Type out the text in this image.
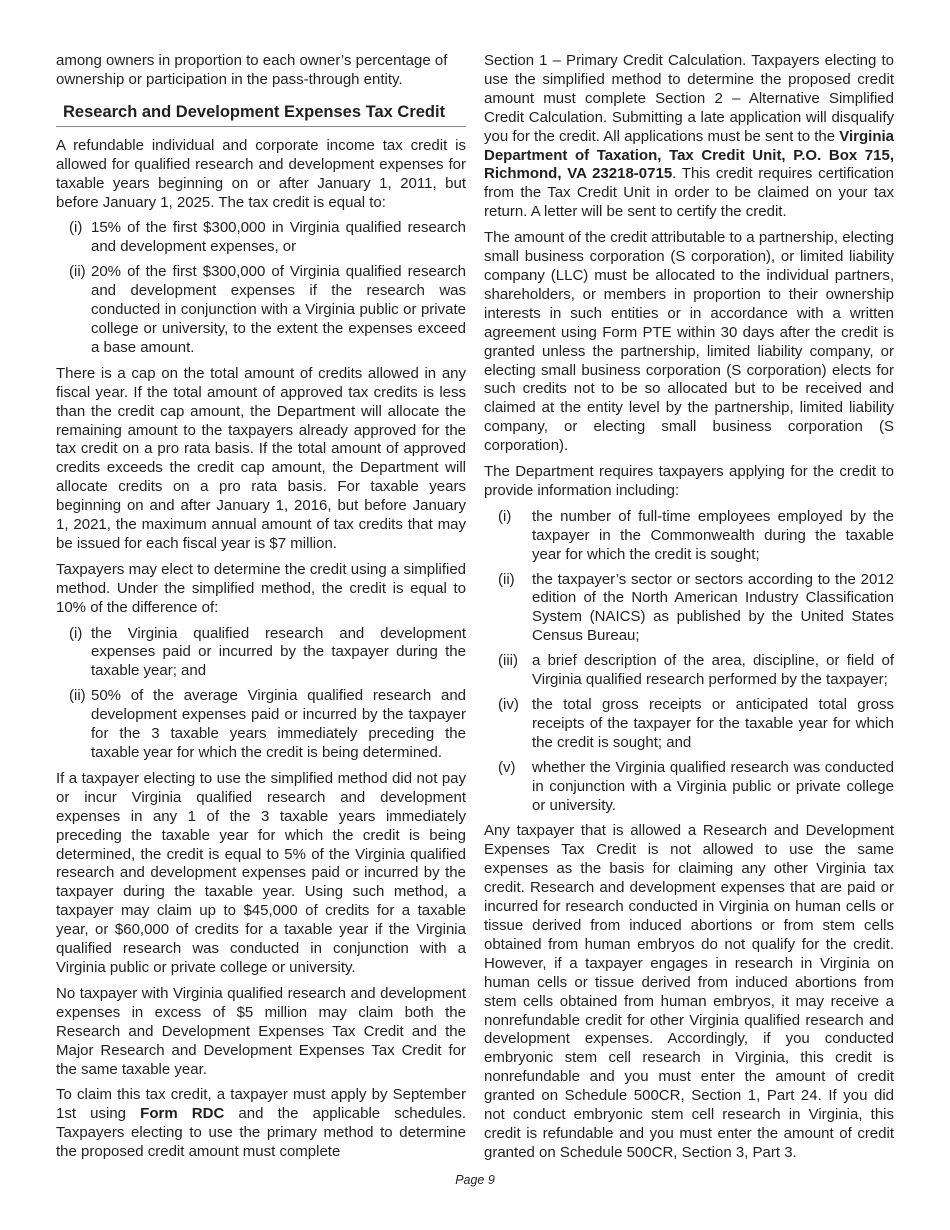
among owners in proportion to each owner’s percentage of ownership or participation in the pass-through entity.

Research and Development Expenses Tax Credit

A refundable individual and corporate income tax credit is allowed for qualified research and development expenses for taxable years beginning on or after January 1, 2011, but before January 1, 2025. The tax credit is equal to:

(i) 15% of the first $300,000 in Virginia qualified research and development expenses, or
(ii) 20% of the first $300,000 of Virginia qualified research and development expenses if the research was conducted in conjunction with a Virginia public or private college or university, to the extent the expenses exceed a base amount.

There is a cap on the total amount of credits allowed in any fiscal year. If the total amount of approved tax credits is less than the credit cap amount, the Department will allocate the remaining amount to the taxpayers already approved for the tax credit on a pro rata basis. If the total amount of approved credits exceeds the credit cap amount, the Department will allocate credits on a pro rata basis. For taxable years beginning on and after January 1, 2016, but before January 1, 2021, the maximum annual amount of tax credits that may be issued for each fiscal year is $7 million.

Taxpayers may elect to determine the credit using a simplified method. Under the simplified method, the credit is equal to 10% of the difference of:

(i) the Virginia qualified research and development expenses paid or incurred by the taxpayer during the taxable year; and
(ii) 50% of the average Virginia qualified research and development expenses paid or incurred by the taxpayer for the 3 taxable years immediately preceding the taxable year for which the credit is being determined.

If a taxpayer electing to use the simplified method did not pay or incur Virginia qualified research and development expenses in any 1 of the 3 taxable years immediately preceding the taxable year for which the credit is being determined, the credit is equal to 5% of the Virginia qualified research and development expenses paid or incurred by the taxpayer during the taxable year. Using such method, a taxpayer may claim up to $45,000 of credits for a taxable year, or $60,000 of credits for a taxable year if the Virginia qualified research was conducted in conjunction with a Virginia public or private college or university.

No taxpayer with Virginia qualified research and development expenses in excess of $5 million may claim both the Research and Development Expenses Tax Credit and the Major Research and Development Expenses Tax Credit for the same taxable year.

To claim this tax credit, a taxpayer must apply by September 1st using Form RDC and the applicable schedules. Taxpayers electing to use the primary method to determine the proposed credit amount must complete

Section 1 – Primary Credit Calculation. Taxpayers electing to use the simplified method to determine the proposed credit amount must complete Section 2 – Alternative Simplified Credit Calculation. Submitting a late application will disqualify you for the credit. All applications must be sent to the Virginia Department of Taxation, Tax Credit Unit, P.O. Box 715, Richmond, VA 23218-0715. This credit requires certification from the Tax Credit Unit in order to be claimed on your tax return. A letter will be sent to certify the credit.

The amount of the credit attributable to a partnership, electing small business corporation (S corporation), or limited liability company (LLC) must be allocated to the individual partners, shareholders, or members in proportion to their ownership interests in such entities or in accordance with a written agreement using Form PTE within 30 days after the credit is granted unless the partnership, limited liability company, or electing small business corporation (S corporation) elects for such credits not to be so allocated but to be received and claimed at the entity level by the partnership, limited liability company, or electing small business corporation (S corporation).

The Department requires taxpayers applying for the credit to provide information including:

(i)	the number of full-time employees employed by the taxpayer in the Commonwealth during the taxable year for which the credit is sought;
(ii)	the taxpayer’s sector or sectors according to the 2012 edition of the North American Industry Classification System (NAICS) as published by the United States Census Bureau;
(iii) a brief description of the area, discipline, or field of Virginia qualified research performed by the taxpayer;
(iv) the total gross receipts or anticipated total gross receipts of the taxpayer for the taxable year for which the credit is sought; and
(v)	whether the Virginia qualified research was conducted in conjunction with a Virginia public or private college or university.

Any taxpayer that is allowed a Research and Development Expenses Tax Credit is not allowed to use the same expenses as the basis for claiming any other Virginia tax credit. Research and development expenses that are paid or incurred for research conducted in Virginia on human cells or tissue derived from induced abortions or from stem cells obtained from human embryos do not qualify for the credit. However, if a taxpayer engages in research in Virginia on human cells or tissue derived from induced abortions from stem cells obtained from human embryos, it may receive a nonrefundable credit for other Virginia qualified research and development expenses. Accordingly, if you conducted embryonic stem cell research in Virginia, this credit is nonrefundable and you must enter the amount of credit granted on Schedule 500CR, Section 1, Part 24. If you did not conduct embryonic stem cell research in Virginia, this credit is refundable and you must enter the amount of credit granted on Schedule 500CR, Section 3, Part 3.

Page 9
